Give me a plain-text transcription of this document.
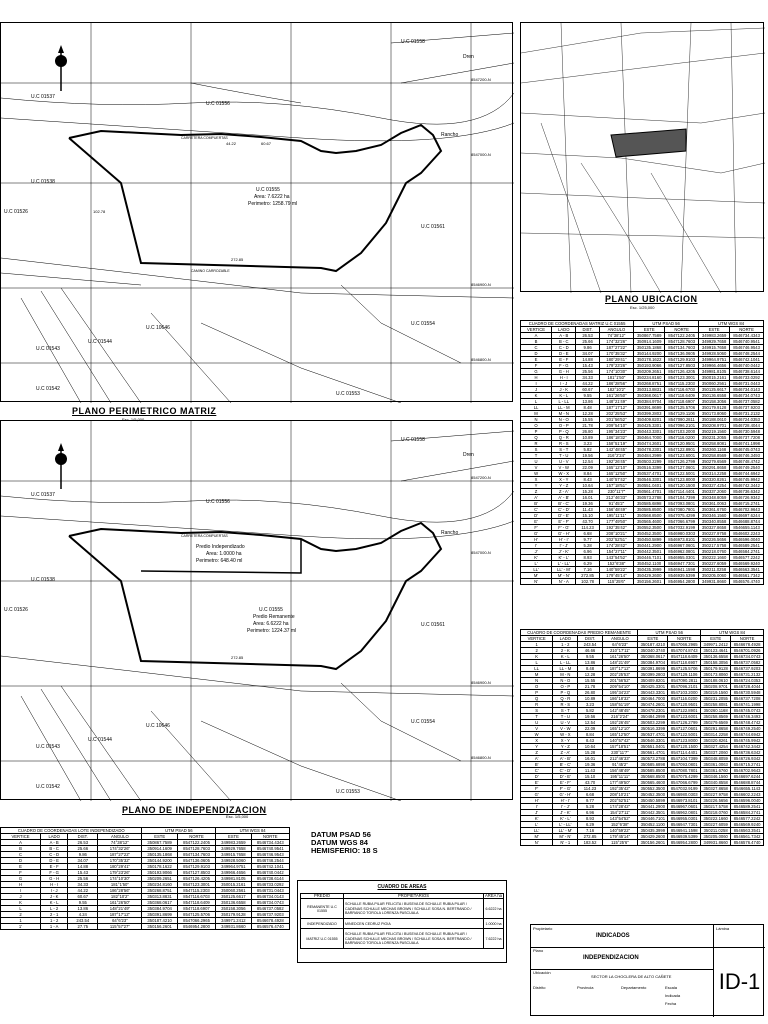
U.C 01558
U.C 01537
U.C 01556
U.C 01538
U.C 01526
U.C 01561
U.C 10646
U.C 01554
U.C 01543
U.C 01544
U.C 01542
U.C 01553
8547200-N
8547000-N
8546900-N
8546800-N
Dren
Rancho
CARRETERA COMPUERTAS
CAMINO CARROZABLE
44.22	60.67
272.85
102.78
U.C 01555
Area: 7.6222 ha
Perimetro: 1258.79 ml
PLANO PERIMETRICO MATRIZ
Esc. 1/5,000
U.C 01558
U.C 01537
U.C 01556
U.C 01538
U.C 01526
U.C 01561
U.C 10646
U.C 01554
U.C 01543
U.C 01544
U.C 01542
U.C 01553
8547200-N
8547000-N
8546900-N
8546800-N
Dren
Rancho
CARRETERA COMPUERTAS
272.85
Predio Independizado
Area: 1.0000 ha
Perimetro: 648.40 ml
U.C 01555
Predio Remanente
Area: 6.6222 ha
Perimetro: 1224.37 ml
PLANO DE INDEPENDIZACION
Esc. 1/5,000
PLANO UBICACION
Esc. 1/25,000
CUADRO DE COORDENADAS MATRIZ U.C 01555				UTM PSAD 56		UTM WGS 84	
VERTICE	LADO	DIST.	ANGULO	ESTE	NORTE	ESTE	NORTE
A	A - B	26.53	74°38'12"	350867.7589	8547122.2405	349983.2659	8546734.4343
B	B - C	25.66	174°32'26"	350914.1609	8547128.7603	349929.7658	8546740.9541
C	C - D	9.86	187°27'22"	350135.1868	8547134.7603	349915.7658	8546746.9543
D	D - E	34.07	170°35'32"	350144.9200	8547136.0605	349928.5060	8546748.2544
E	E - F	14.88	180°29'41"	350178.1622	8547129.9103	349964.9751	8546742.1041
F	F - G	15.43	179°23'26"	350193.9066	8547127.8503	349966.4656	8546740.0442
G	G - H	25.56	174°10'30"	350209.2651	8547126.4205	349981.8105	8546738.6144
H	H - I	34.33	181°1'50"	350234.8160	8547123.3001	350015.2161	8546733.0292
I	I - J	44.22	186°28'56"	350268.8751	8547115.2303	350060.2561	8546731.0443
J	J - K	60.67	182°10'2"	350313.8831	8547116.6703	350125.6617	8546734.0143
K	K - L	9.55	161°26'50"	350368.0617	8547118.6409	350136.6558	8546734.0743
L	L - LL	13.86	148°21'49"	350384.9704	8547118.6907	350158.3056	8546737.0582
LL	LL - M	8.48	187°17'12"	350391.8699	8547125.5706	350179.9128	8546737.9203
M	M - N	12.28	202°25'53"	350399.2803	8547129.1106	350173.8060	8546731.2132
N	N - O	15.55	201°56'52"	350409.8201	8547090.2811	350188.0610	8546724.0353
O	O - P	21.78	209°54'10"	350425.3301	8547096.2101	350208.9701	8546728.4044
P	P - Q	26.80	195°34'23"	350443.3301	8547103.2000	350219.1560	8546730.5948
Q	Q - R	10.89	186°18'32"	350464.7000	8547116.0200	350231.2055	8546737.7208
R	R - S	3.23	158°51'19"	350474.2601	8547120.9501	350258.8081	8546741.1998
S	S - T	5.82	142°48'45"	350478.2301	8547122.8901	350260.1168	8546745.0743
T	T - U	19.56	216°2'24"	350484.2999	8547123.6001	350258.8569	8546746.3493
U	U - V	12.54	192°26'45"	350503.2299	8547126.2799	350279.6569	8546748.4742
V	V - W	22.09	165°12'10"	350516.3399	8547127.0601	350291.8658	8546749.2540
W	W - X	8.84	165°12'50"	350537.4701	8547122.5001	350314.2258	8546744.6942
X	X - Y	8.43	140°57'42"	350546.3301	8547123.8000	350320.8261	8546745.9942
Y	Y - Z	10.64	157°18'51"	350551.0401	8547120.1500	350327.4254	8546742.3442
Z	Z - A'	15.28	230°11'7"	350561.4701	8547114.4401	350337.2060	8546736.6342
A'	A' - B'	16.01	212°46'33"	350573.2788	8547104.7399	350348.8059	8546726.9342
B'	B' - C'	19.36	91°45'2"	350585.6898	8547093.0801	350361.0063	8546715.2741
C'	C' - D'	11.43	156°48'49"	350585.8500	8547080.7801	350361.6760	8546702.9643
D'	D' - E'	15.10	195°11'11"	350568.8500	8547075.4299	350346.1560	8546697.6244
E'	E' - F'	43.70	177°49'50"	350565.4600	8547066.6799	350340.8558	8546688.8744
F'	F' - G'	114.23	192°35'42"	350552.3500	8547032.9199	350327.8658	8546655.1143
G'	G' - H'	6.68	208°10'21"	350452.3500	8546980.0303	350227.9758	8546602.2243
H'	H' - I'	9.77	202°52'51"	350450.5899	8546973.8101	350226.5656	8546596.0040
I'	I' - J'	5.28	174°28'42"	350441.2900	8546967.0601	350217.5758	8546589.2541
J'	J' - K'	6.96	154°27'11"	350442.3501	8546962.0801	350218.0760	8546584.2741
K'	K' - L'	8.93	143°54'52"	350446.7101	8546955.0301	350222.1660	8546577.2242
L'	L' - LL'	6.29	152°6'38"	350452.1100	8546947.7301	350227.6059	8546569.9240
LL'	LL' - M'	7.16	140°59'22"	350435.3999	8546941.1598	350211.0258	8546563.3541
M'	M' - N'	272.85	179°45'14"	350429.2600	8546939.5399	350205.0060	8546561.7342
N'	N' - A	102.78	115°25'6"	350156.2601	8546954.2800	349931.8660	8546576.4740
CUADRO DE COORDENADAS PREDIO REMANENTE				UTM PSAD 56		UTM WGS 84	
VERTICE	LADO	DIST.	ANGULO	ESTE	NORTE	ESTE	NORTE
1	1 - 2	243.54	64°6'23"	350187.4210	8547066.2965	349971.2412	8546678.4928
2	2 - K	46.66	210°17'11"	350340.3740	8547074.8743	350123.4641	8546701.0926
K	K - L	9.55	161°26'50"	350368.0617	8547118.6409	350136.6558	8546734.0743
L	L - LL	13.86	148°21'49"	350384.9704	8547118.6907	350158.3056	8546737.0582
LL	LL - M	8.48	187°17'12"	350391.8699	8547125.5706	350179.9128	8546737.9203
M	M - N	12.28	202°25'53"	350399.2803	8547129.1106	350173.8060	8546731.2132
N	N - O	15.55	201°56'52"	350409.8201	8547090.2811	350188.0610	8546724.0353
O	O - P	21.78	209°54'10"	350425.3301	8547096.2101	350208.9701	8546728.4044
P	P - Q	26.80	195°34'23"	350443.3301	8547103.2000	350219.1560	8546730.5948
Q	Q - R	10.89	186°18'32"	350464.7000	8547116.0200	350231.2055	8546737.7208
R	R - S	3.23	158°51'19"	350474.2601	8547120.9501	350258.8081	8546741.1998
S	S - T	5.82	142°48'45"	350478.2301	8547122.8901	350260.1168	8546745.0743
T	T - U	19.56	216°2'24"	350484.2999	8547123.6001	350258.8569	8546746.3493
U	U - V	12.54	192°26'45"	350503.2299	8547126.2799	350279.6569	8546748.4742
V	V - W	22.09	165°12'10"	350516.3399	8547127.0601	350291.8658	8546749.2540
W	W - X	8.84	165°12'50"	350537.4701	8547122.5001	350314.2258	8546744.6942
X	X - Y	8.43	140°57'42"	350546.3301	8547123.8000	350320.8261	8546745.9942
Y	Y - Z	10.64	157°18'51"	350551.0401	8547120.1500	350327.4254	8546742.3442
Z	Z - A'	15.28	230°11'7"	350561.4701	8547114.4401	350337.2060	8546736.6342
A'	A' - B'	16.01	212°46'33"	350573.2788	8547104.7399	350348.8059	8546726.9342
B'	B' - C'	19.36	91°45'2"	350585.6898	8547093.0801	350361.0063	8546715.2741
C'	C' - D'	11.43	156°48'49"	350585.8500	8547080.7801	350361.6760	8546702.9643
D'	D' - E'	15.10	195°11'11"	350568.8500	8547075.4299	350346.1560	8546697.6244
E'	E' - F'	43.70	177°49'50"	350565.4600	8547066.6799	350340.8558	8546688.8744
F'	F' - G'	114.23	192°35'42"	350552.3500	8547032.9199	350327.8658	8546655.1143
G'	G' - H'	6.68	208°10'21"	350452.3500	8546980.0303	350227.9758	8546602.2243
H'	H' - I'	9.77	202°52'51"	350450.5899	8546973.8101	350226.5656	8546596.0040
I'	I' - J'	5.28	174°28'42"	350441.2900	8546967.0601	350217.5758	8546589.2541
J'	J' - K'	6.96	154°27'11"	350442.3501	8546962.0801	350218.0760	8546584.2741
K'	K' - L'	8.93	143°54'52"	350446.7101	8546955.0301	350222.1660	8546577.2242
L'	L' - LL'	6.29	152°6'38"	350452.1100	8546947.7301	350227.6059	8546569.9240
LL'	LL' - M'	7.16	140°59'22"	350435.3999	8546941.1598	350211.0258	8546563.3541
M'	M' - N'	272.85	179°45'14"	350429.2600	8546939.5399	350205.0060	8546561.7342
N'	N' - 1	183.52	115°25'6"	350156.2601	8546954.2800	349931.8660	8546576.4740
CUADRO DE COORDENADAS LOTE INDEPENDIZADO				UTM PSAD 56		UTM WGS 84	
VERTICE	LADO	DIST.	ANGULO	ESTE	NORTE	ESTE	NORTE
A	A - B	26.53	74°38'12"	350867.7589	8547122.2405	349983.2659	8546734.4343
B	B - C	25.66	174°32'26"	350914.1609	8547128.7603	349929.7658	8546740.9541
C	C - D	9.86	187°27'22"	350135.1868	8547134.7603	349915.7658	8546746.9543
D	D - E	34.07	170°35'32"	350144.9200	8547136.0605	349928.5060	8546748.2544
E	E - F	14.88	180°29'41"	350178.1622	8547129.9103	349964.9751	8546742.1041
F	F - G	15.43	179°23'26"	350193.9066	8547127.8503	349966.4656	8546740.0442
G	G - H	25.56	174°10'30"	350209.2651	8547126.4205	349981.8105	8546738.6144
H	H - I	34.33	181°1'50"	350234.8160	8547123.3001	350015.2161	8546733.0292
I	I - J	44.22	186°28'56"	350268.8751	8547115.2303	350060.2561	8546731.0443
J	J - K	60.67	182°10'2"	350313.8831	8547116.6703	350125.6617	8546734.0143
K	K - L	9.55	161°26'50"	350368.0617	8547118.6409	350136.6558	8546734.0743
L	L - 2	13.86	148°21'49"	350384.9704	8547118.6907	350158.3056	8546737.0582
2	2 - 1	4.24	187°17'12"	350391.8699	8547125.5706	350179.9128	8546737.9203
1	1 - 2	243.54	64°6'23"	350187.4210	8547066.2965	349971.2412	8546678.4928
1'	1 - A	27.75	115°57'27"	350156.2601	8546954.2800	349931.8660	8546576.4740
DATUM PSAD 56
DATUM WGS 84
HEMISFERIO: 18 S
CUADRO DE AREAS
PREDIO	PROPIETARIOS	AREA ha
REMANENTE U.C 01555	SCHULLE RUBIA PILAR FELICITA / BUSEVA DE SCHULLE RUBIA PILAR / CADENAS SCHULLE MECHAS BROWN / SCHULLE SOSA N. BERTRANDO / BARRANCO TOROLA LORENZA PASCUALA	6.6222 ha
INDEPENDIZADO	MINEDCEN CEDRUZ PIOIA	1.0000 ha
MATRIZ U.C 01555	SCHULLE RUBIA PILAR FELICITA / BUSEVA DE SCHULLE RUBIA PILAR / CADENAS SCHULLE MECHAS BROWN / SCHULLE SOSA N. BERTRANDO / BARRANCO TOROLA LORENZA PASCUALA	7.6222 ha
Propietario
INDICADOS
Plano
INDEPENDIZACION
Ubicación
SECTOR LA CHOCLERA DE ALTO CAÑETE
Distrito	Provincia	Departamento	Escala
Indicada
Fecha
Lámina
ID-1
